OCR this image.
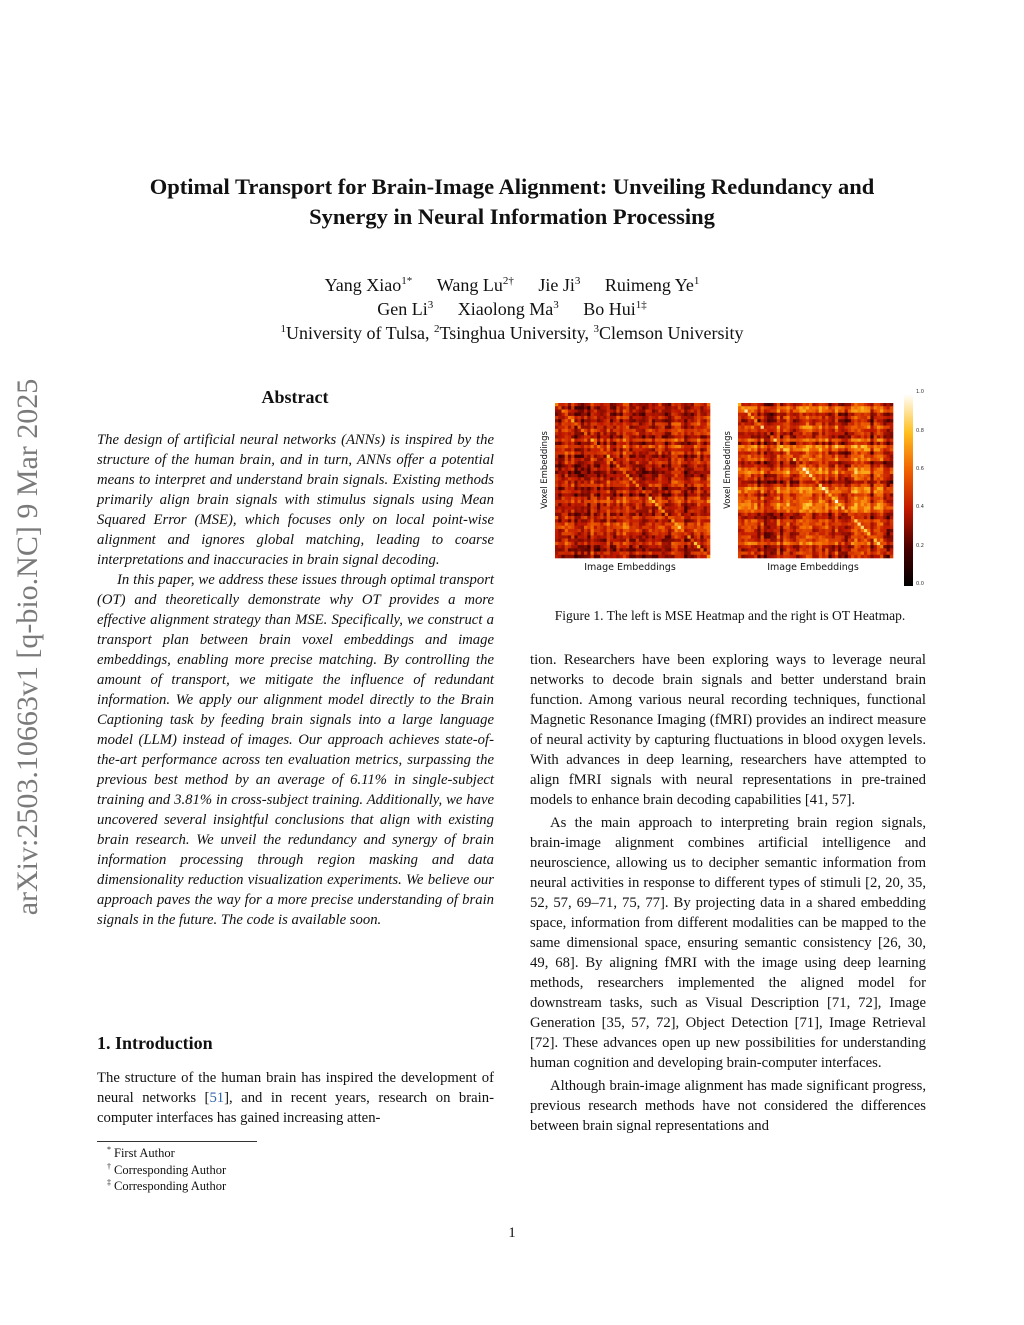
arXiv:2503.10663v1 [q-bio.NC] 9 Mar 2025
Optimal Transport for Brain-Image Alignment: Unveiling Redundancy and
Synergy in Neural Information Processing
Yang Xiao$^{1*}$ Wang $Lu^{2\dagger}$ Jie Ji$^3$ Ruimeng Ye$^1$
Gen Li$^3$ Xiaolong Ma$^3$ Bo Hui$^{1\ddagger}$
$^1$University of Tulsa, $^2$Tsinghua University, $^3$Clemson University
Abstract

The design of artificial neural networks (ANNs) is inspired by the structure of the human brain, and in turn, ANNs offer a potential means to interpret and understand brain signals. Existing methods primarily align brain signals with stimulus signals using Mean Squared Error (MSE), which focuses only on local point-wise alignment and ignores global matching, leading to coarse interpretations and inaccuracies in brain signal decoding.

In this paper, we address these issues through optimal transport (OT) and theoretically demonstrate why OT provides a more effective alignment strategy than MSE. Specifically, we construct a transport plan between brain voxel embeddings and image embeddings, enabling more precise matching. By controlling the amount of transport, we mitigate the influence of redundant information. We apply our alignment model directly to the Brain Captioning task by feeding brain signals into a large language model (LLM) instead of images. Our approach achieves state-of-the-art performance across ten evaluation metrics, surpassing the previous best method by an average of 6.11% in single-subject training and 3.81% in cross-subject training. Additionally, we have uncovered several insightful conclusions that align with existing brain research. We unveil the redundancy and synergy of brain information processing through region masking and data dimensionality reduction visualization experiments. We believe our approach paves the way for a more precise understanding of brain signals in the future. The code is available soon.

1. Introduction

The structure of the human brain has inspired the development of neural networks [51], and in recent years, research on brain-computer interfaces has gained increasing atten-

* First Author
† Corresponding Author
‡ Corresponding Author
Voxel Embeddings
Image Embeddings
Voxel Embeddings
Image Embeddings
1.0
0.8
0.6
0.4
0.2
0.0
Figure 1. The left is MSE Heatmap and the right is OT Heatmap.

tion. Researchers have been exploring ways to leverage neural networks to decode brain signals and better understand brain function. Among various neural recording techniques, functional Magnetic Resonance Imaging (fMRI) provides an indirect measure of neural activity by capturing fluctuations in blood oxygen levels. With advances in deep learning, researchers have attempted to align fMRI signals with neural representations in pre-trained models to enhance brain decoding capabilities [41, 57].

As the main approach to interpreting brain region signals, brain-image alignment combines artificial intelligence and neuroscience, allowing us to decipher semantic information from neural activities in response to different types of stimuli [2, 20, 35, 52, 57, 69–71, 75, 77]. By projecting data in a shared embedding space, information from different modalities can be mapped to the same dimensional space, ensuring semantic consistency [26, 30, 49, 68]. By aligning fMRI with the image using deep learning methods, researchers implemented the aligned model for downstream tasks, such as Visual Description [71, 72], Image Generation [35, 57, 72], Object Detection [71], Image Retrieval [72]. These advances open up new possibilities for understanding human cognition and developing brain-computer interfaces.

Although brain-image alignment has made significant progress, previous research methods have not considered the differences between brain signal representations and

1
